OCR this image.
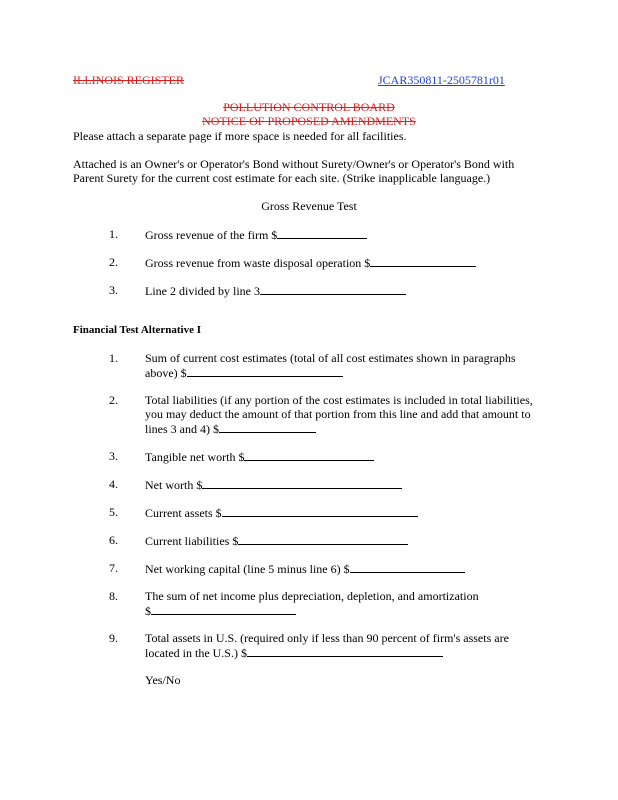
ILLINOIS REGISTER	JCAR350811-2505781r01
POLLUTION CONTROL BOARD
NOTICE OF PROPOSED AMENDMENTS
Please attach a separate page if more space is needed for all facilities.
Attached is an Owner's or Operator's Bond without Surety/Owner's or Operator's Bond with
Parent Surety for the current cost estimate for each site. (Strike inapplicable language.)
Gross Revenue Test
1. Gross revenue of the firm $
2. Gross revenue from waste disposal operation $
3. Line 2 divided by line 3
Financial Test Alternative I
1. Sum of current cost estimates (total of all cost estimates shown in paragraphs
above) $
2. Total liabilities (if any portion of the cost estimates is included in total liabilities,
you may deduct the amount of that portion from this line and add that amount to
lines 3 and 4) $
3. Tangible net worth $
4. Net worth $
5. Current assets $
6. Current liabilities $
7. Net working capital (line 5 minus line 6) $
8. The sum of net income plus depreciation, depletion, and amortization
$
9. Total assets in U.S. (required only if less than 90 percent of firm's assets are
located in the U.S.) $
Yes/No
